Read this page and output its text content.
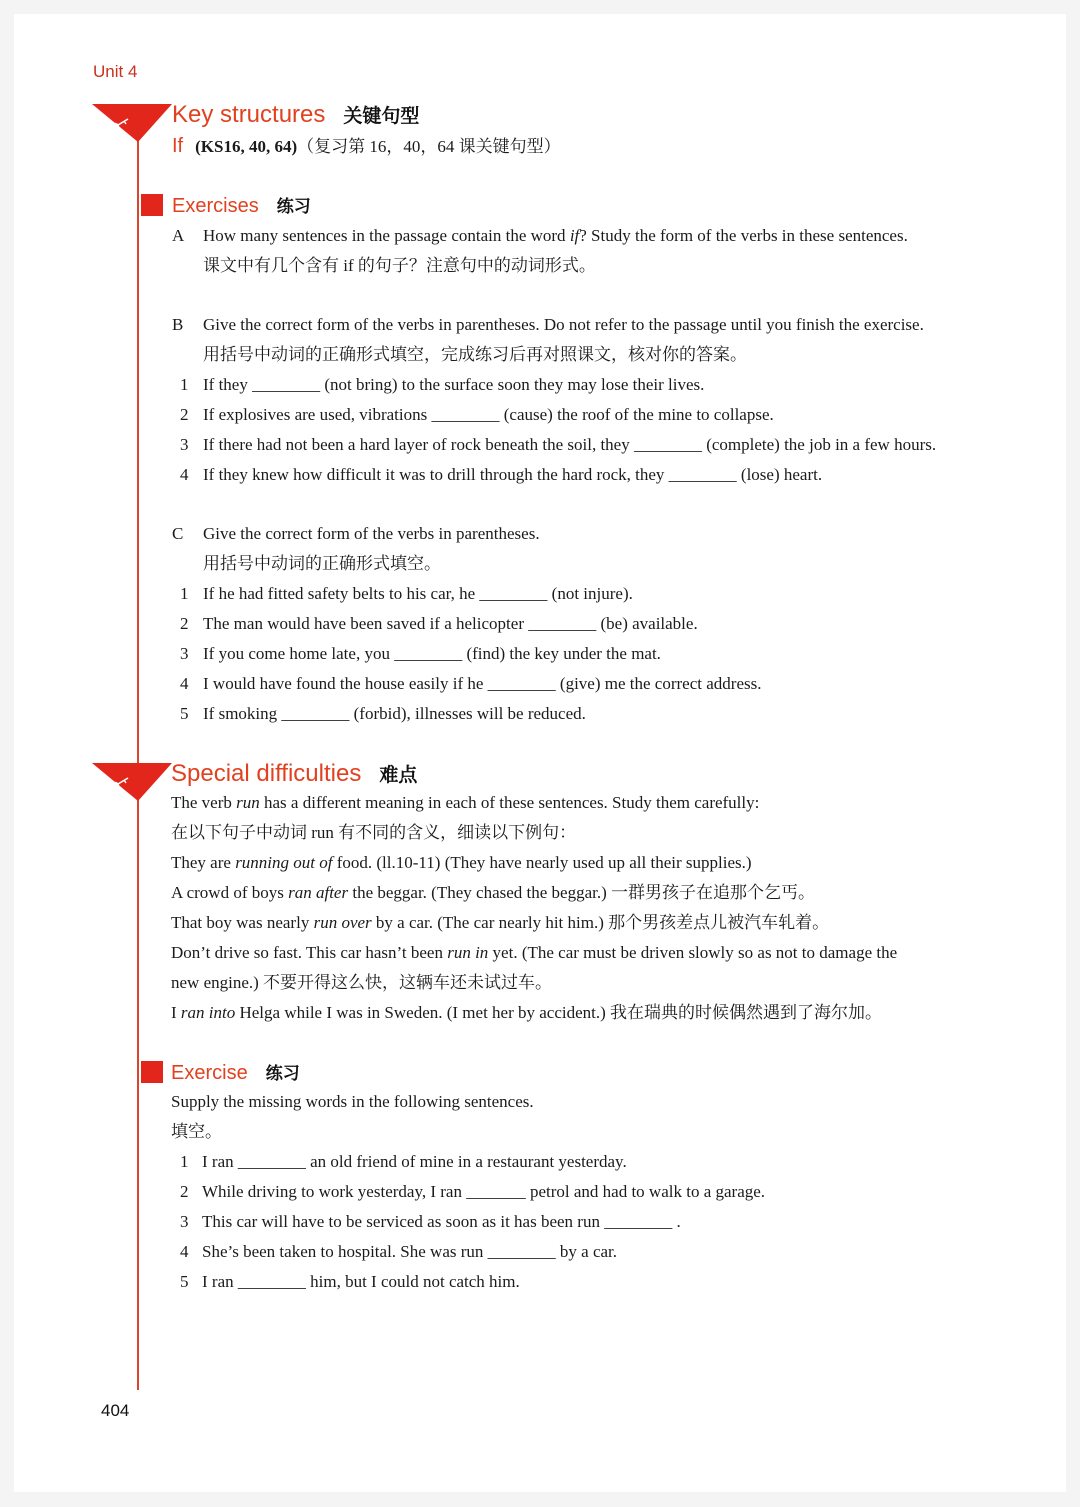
Unit 4
Key structures 关键句型
If (KS16, 40, 64)（复习第 16，40，64 课关键句型）
Exercises 练习
A How many sentences in the passage contain the word if? Study the form of the verbs in these sentences.
课文中有几个含有 if 的句子？注意句中的动词形式。
B Give the correct form of the verbs in parentheses. Do not refer to the passage until you finish the exercise.
用括号中动词的正确形式填空，完成练习后再对照课文，核对你的答案。
1 If they ________ (not bring) to the surface soon they may lose their lives.
2 If explosives are used, vibrations ________ (cause) the roof of the mine to collapse.
3 If there had not been a hard layer of rock beneath the soil, they ________ (complete) the job in a few hours.
4 If they knew how difficult it was to drill through the hard rock, they ________ (lose) heart.
C Give the correct form of the verbs in parentheses.
用括号中动词的正确形式填空。
1 If he had fitted safety belts to his car, he ________ (not injure).
2 The man would have been saved if a helicopter ________ (be) available.
3 If you come home late, you ________ (find) the key under the mat.
4 I would have found the house easily if he ________ (give) me the correct address.
5 If smoking ________ (forbid), illnesses will be reduced.
Special difficulties 难点
The verb run has a different meaning in each of these sentences. Study them carefully:
在以下句子中动词 run 有不同的含义，细读以下例句：
They are running out of food. (ll.10-11) (They have nearly used up all their supplies.)
A crowd of boys ran after the beggar. (They chased the beggar.) 一群男孩子在追那个乞丐。
That boy was nearly run over by a car. (The car nearly hit him.) 那个男孩差点儿被汽车轧着。
Don’t drive so fast. This car hasn’t been run in yet. (The car must be driven slowly so as not to damage the
new engine.) 不要开得这么快，这辆车还未试过车。
I ran into Helga while I was in Sweden. (I met her by accident.) 我在瑞典的时候偶然遇到了海尔加。
Exercise 练习
Supply the missing words in the following sentences.
填空。
1 I ran ________ an old friend of mine in a restaurant yesterday.
2 While driving to work yesterday, I ran _______ petrol and had to walk to a garage.
3 This car will have to be serviced as soon as it has been run ________ .
4 She’s been taken to hospital. She was run ________ by a car.
5 I ran ________ him, but I could not catch him.
404
